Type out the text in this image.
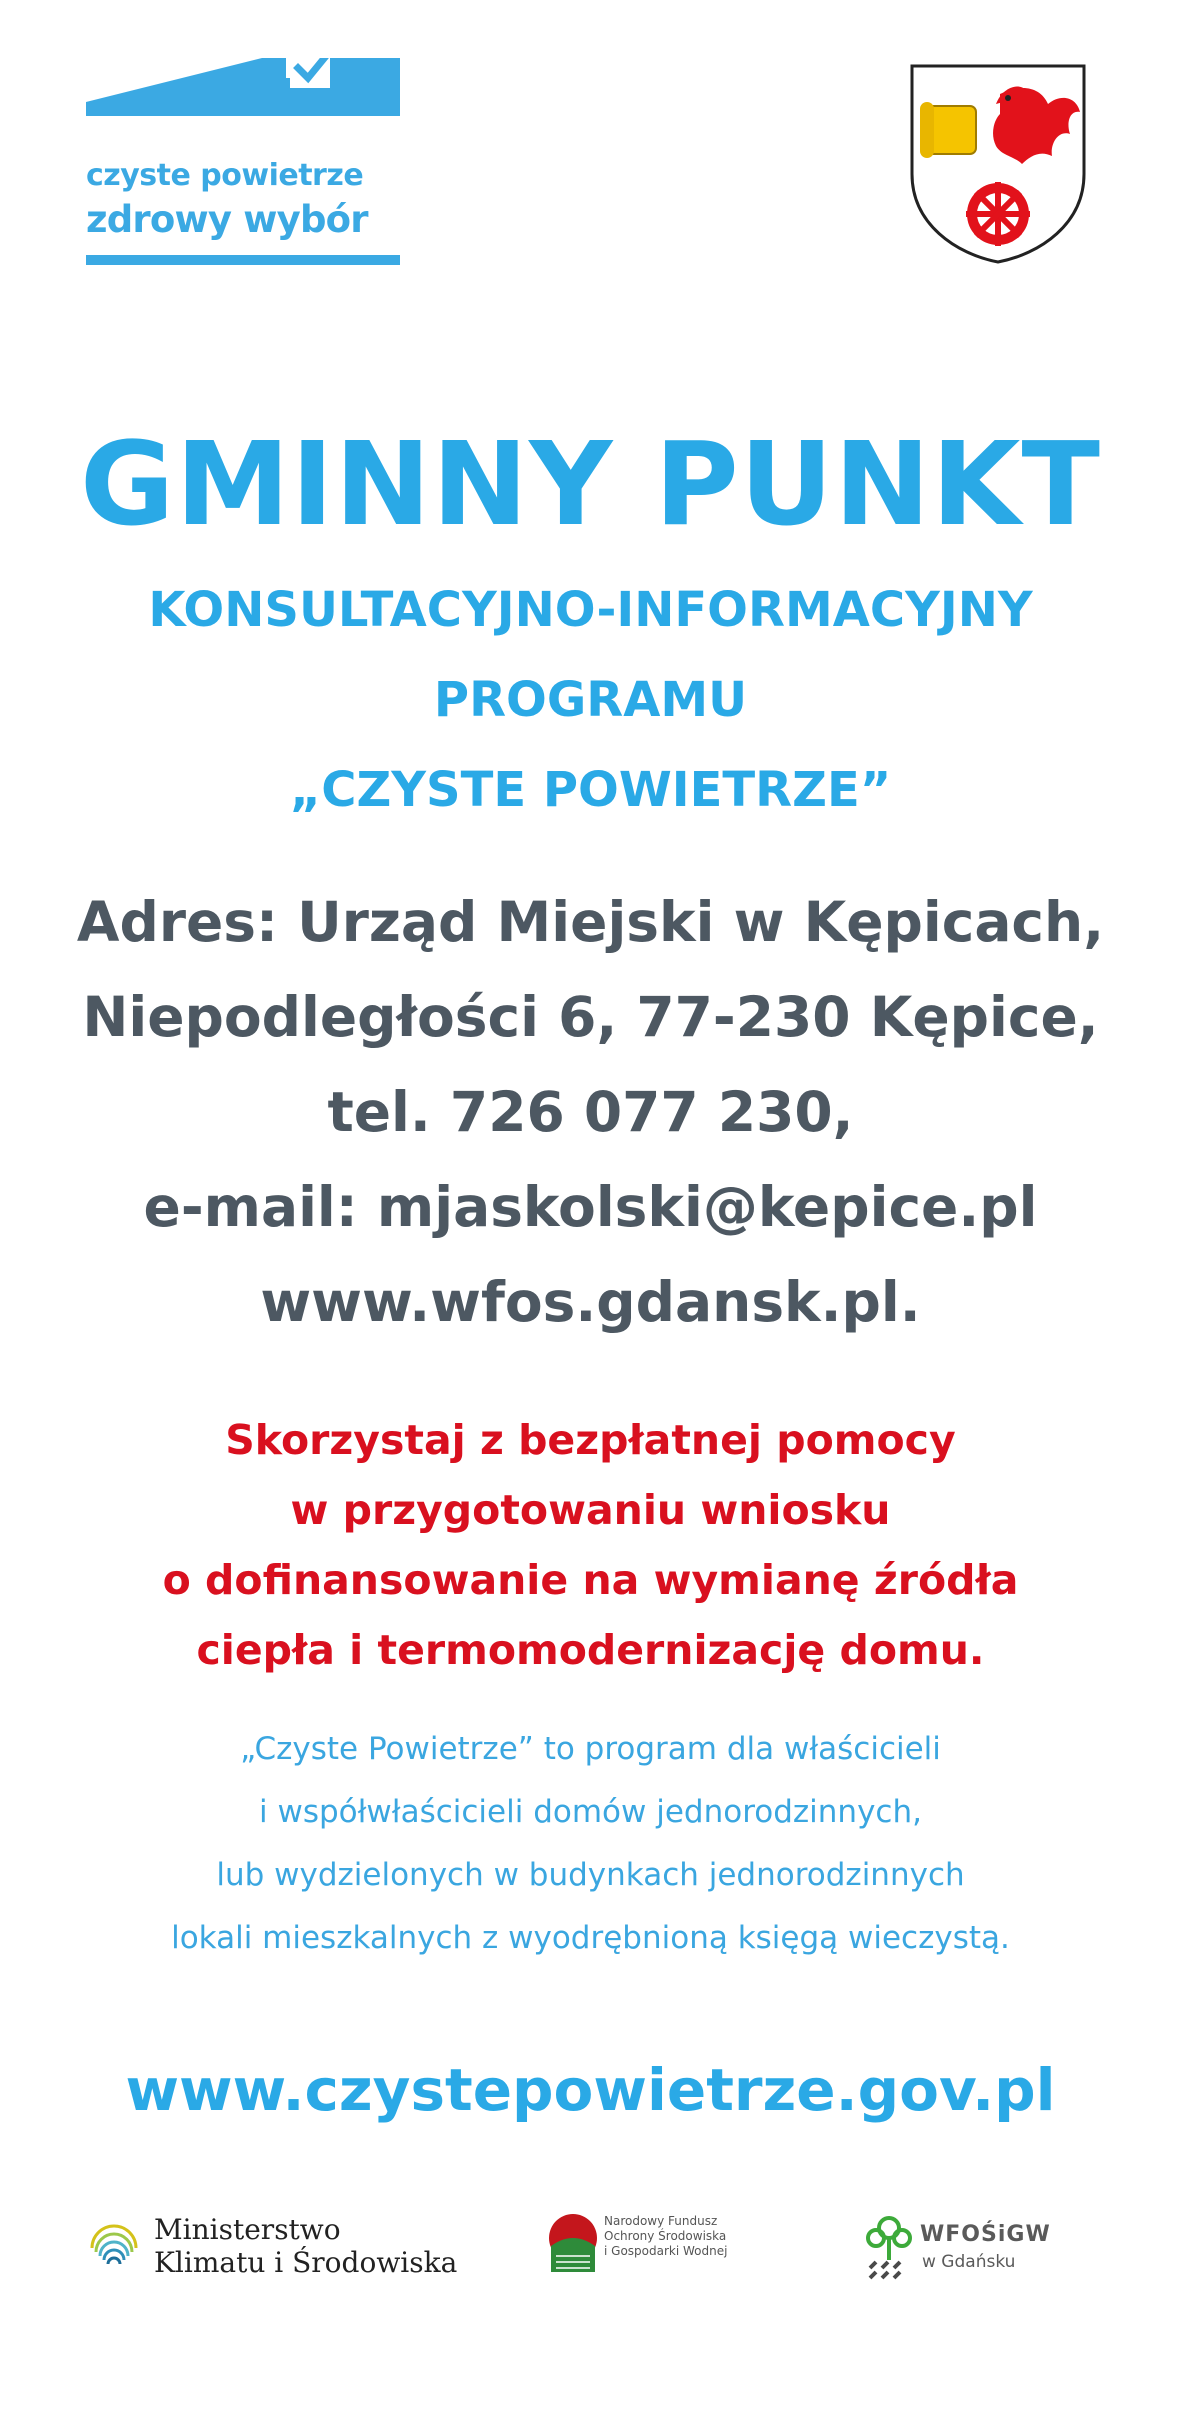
czyste powietrze
zdrowy wybór
GMINNY PUNKT
KONSULTACYJNO-INFORMACYJNY
PROGRAMU
„CZYSTE POWIETRZE”
Adres: Urząd Miejski w Kępicach,
Niepodległości 6, 77-230 Kępice,
tel. 726 077 230,
e-mail: mjaskolski@kepice.pl
www.wfos.gdansk.pl.
Skorzystaj z bezpłatnej pomocy
w przygotowaniu wniosku
o dofinansowanie na wymianę źródła
ciepła i termomodernizację domu.
„Czyste Powietrze” to program dla właścicieli
i współwłaścicieli domów jednorodzinnych,
lub wydzielonych w budynkach jednorodzinnych
lokali mieszkalnych z wyodrębnioną księgą wieczystą.
www.czystepowietrze.gov.pl
Ministerstwo
Klimatu i Środowiska
Narodowy Fundusz
Ochrony Środowiska
i Gospodarki Wodnej
WFOŚiGW
w Gdańsku
